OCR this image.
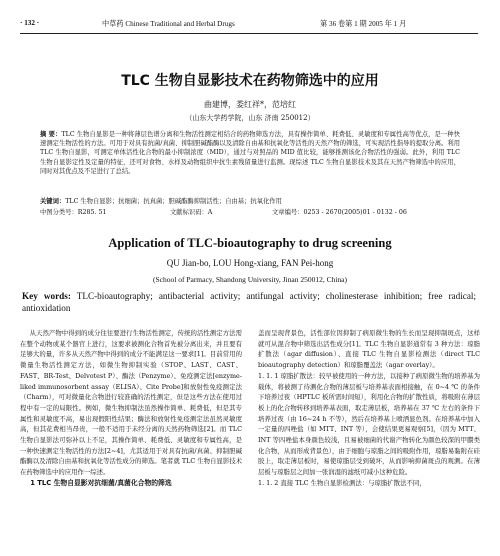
· 132 ·	中草药 Chinese Traditional and Herbal Drugs	第 36 卷第 1 期 2005 年 1 月
TLC 生物自显影技术在药物筛选中的应用
曲建博，娄红祥*，范培红
（山东大学药学院，山东 济南 250012）
摘 要：TLC 生物自显影是一种将薄层色谱分离和生物活性测定相结合的药物筛选方法，具有操作简单、耗费低、灵敏度和专属性高等优点，是一种快速测定生物活性的方法。可用于对具有抗菌/真菌、抑制胆碱酯酶以及清除自由基和抗氧化等活性的天然产物的筛选，可实现活性指导的提取分离。利用 TLC 生物自显影，可测定单体活性化合物的最小抑制浓度（MID），通过与对照品的 MID 值比较，能够推测该化合物活性的强弱。此外，利用 TLC 生物自显影定性及定量的特征，还可对食物、水样及动物组织中抗生素残留量进行监测。现综述 TLC 生物自显影技术及其在天然产物筛选中的应用，同时对其优点及不足进行了总结。
关键词：TLC 生物自显影；抗细菌；抗真菌；胆碱酯酶抑制活性；自由基；抗氧化作用
中图分类号：R285. 51	文献标识码：A	文章编号：0253 - 2670(2005)01 - 0132 - 06
Application of TLC-bioautography to drug screening
QU Jian-bo, LOU Hong-xiang, FAN Pei-hong
(School of Parmacy, Shandong University, Jinan 250012, China)
Key words: TLC-bioautography; antibacterial activity; antifungal activity; cholinesterase inhibition; free radical; antioxidation

从天然产物中得到的成分往往要进行生物活性测定，传统的活性测定方法需在整个动物或某个器官上进行，这要求被测化合物首先被分离出来，并且要有足够大的量，许多从天然产物中得到的成分不能满足这一要求[1]。目前常用的微量生物活性测定方法，如微生物抑制实验（STOP、LAST、CAST、FAST、BR-Test、Delvotest P）、酶法（Penzyme）、免疫测定法[enzyme-liked immunosorbent assay（ELISA）、Cite Probe]和放射性免疫测定法（Charm），可对微量化合物进行较准确的活性测定，但是这些方法在使用过程中有一定的局限性。例如，微生物抑制法虽然操作简单、耗费低，但是其专属性和灵敏度不高，易出现假阳性结果；酶法和放射性免疫测定法虽然灵敏度高，但其花费相当昂贵，一般不适用于未经分离的天然药物筛选[2]。而 TLC 生物自显影法可弥补以上不足，其操作简单、耗费低、灵敏度和专属性高，是一种快速测定生物活性的方法[2~4]，尤其适用于对具有抗菌/真菌、抑制胆碱酯酶以及清除自由基和抗氧化等活性成分的筛选。笔者就 TLC 生物自显影技术在药物筛选中的应用作一综述。

1 TLC 生物自显影对抗细菌/真菌化合物的筛选

盖而呈现背景色，活性部位因抑制了病原微生物的生长而呈现抑制斑点，这样就可从混合物中筛选出活性成分[1]。TLC 生物自显影通常有 3 种方法：琼脂扩散法（agar diffusion）、直接 TLC 生物自显影检测法（direct TLC bioautography detection）和琼脂覆盖法（agar overlay）。

1. 1. 1 琼脂扩散法：较早被使用的一种方法，以接种了病原微生物的培养基为载体，将被测了待测化合物的薄层板与培养基表面相接触，在 0~4 ℃ 的条件下培养过夜（HPTLC 板所需时间短），利用化合物的扩散性质，将吸附在薄层板上的化合物转移到培养基表面，取走薄层板，培养基在 37 ℃ 左右的条件下培养过夜（由 16~24 h 不等），然后在培养基上喷洒显色剂。在培养基中加入一定量的四唑盐（如 MTT、INT 等），会使结果更易观察[5]，（因为 MTT、INT 等四唑盐本身颜色较浅，且易被细菌的代谢产物转化为颜色较深的甲臜类化合物，从而形成背景色），由于细胞与琼脂之间的吸附作用，琼脂易黏附在硅胶上，取走薄层板时，易使琼脂层受到破坏，从而影响抑菌斑点的观测。在薄层板与琼脂层之间加一张润湿的滤纸可减小这种危险。

1. 1. 2 直接 TLC 生物自显影检测法：与琼脂扩散法不同，
